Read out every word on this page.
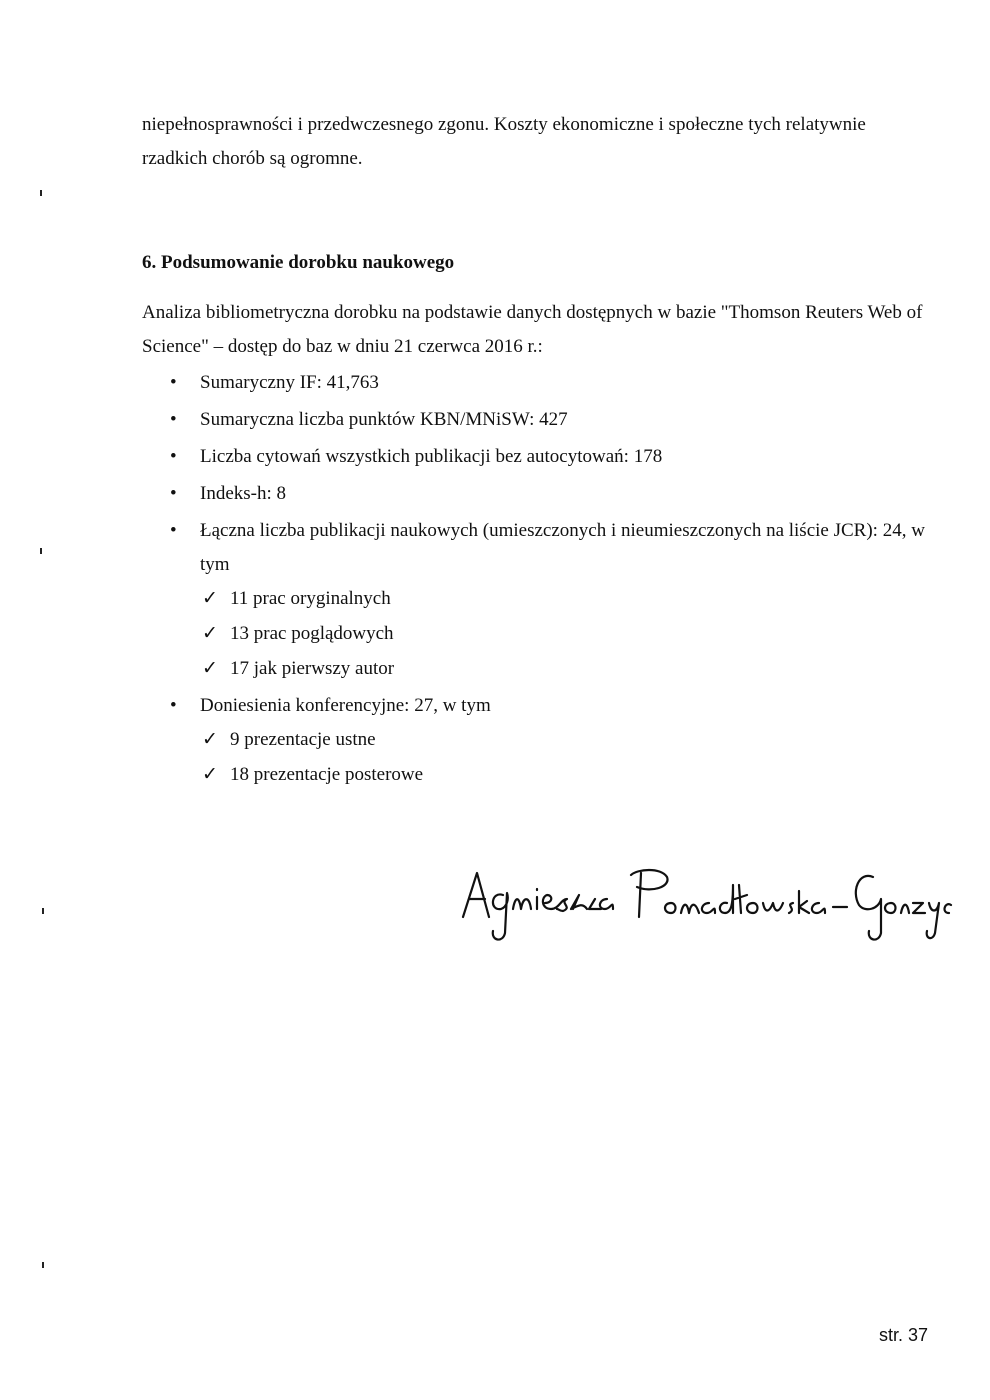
niepełnosprawności i przedwczesnego zgonu. Koszty ekonomiczne i społeczne tych relatywnie rzadkich chorób są ogromne.

6. Podsumowanie dorobku naukowego

Analiza bibliometryczna dorobku na podstawie danych dostępnych w bazie "Thomson Reuters Web of Science" – dostęp do baz w dniu 21 czerwca 2016 r.:

• Sumaryczny IF: 41,763
• Sumaryczna liczba punktów KBN/MNiSW: 427
• Liczba cytowań wszystkich publikacji bez autocytowań: 178
• Indeks-h: 8
• Łączna liczba publikacji naukowych (umieszczonych i nieumieszczonych na liście JCR): 24, w tym
✓ 11 prac oryginalnych
✓ 13 prac poglądowych
✓ 17 jak pierwszy autor
• Doniesienia konferencyjne: 27, w tym
✓ 9 prezentacje ustne
✓ 18 prezentacje posterowe

str. 37
